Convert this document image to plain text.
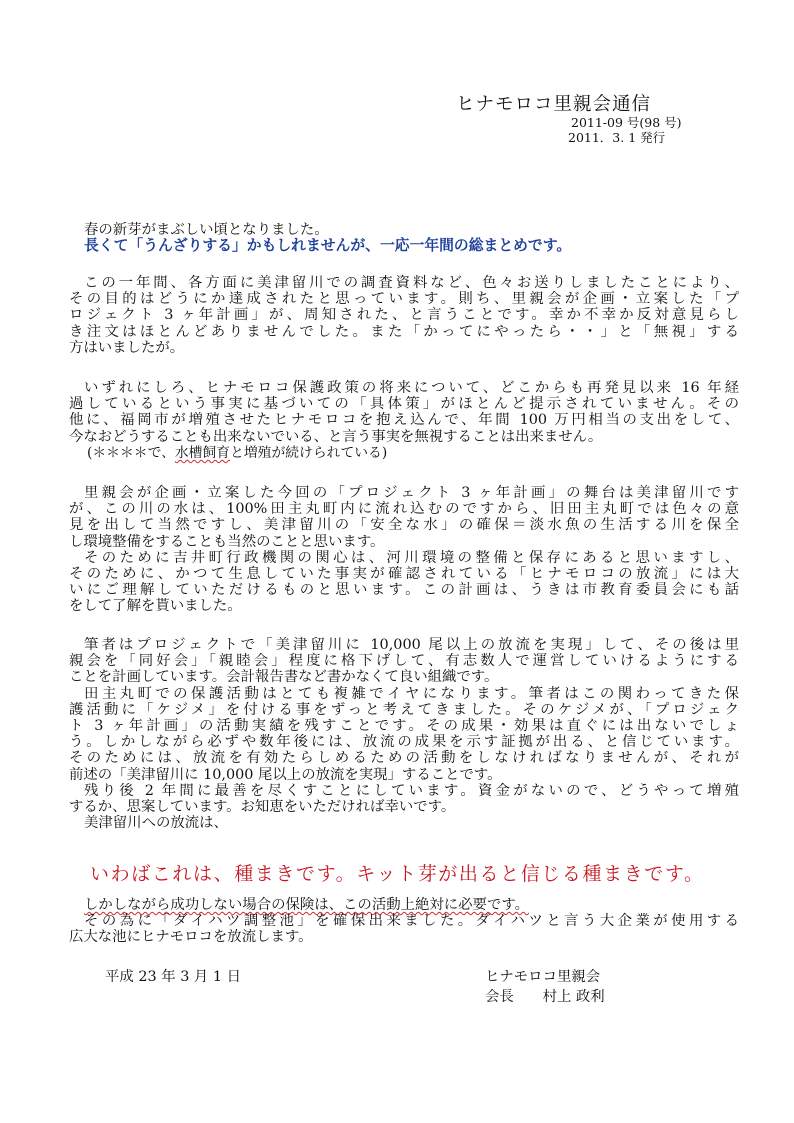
ヒナモロコ里親会通信
2011-09 号(98 号)
2011．3. 1 発行
春の新芽がまぶしい頃となりました。
長くて「うんざりする」かもしれませんが、一応一年間の総まとめです。
この一年間、各方面に美津留川での調査資料など、色々お送りしましたことにより、
その目的はどうにか達成されたと思っています。則ち、里親会が企画・立案した「プ
ロジェクト 3 ヶ年計画」が、周知された、と言うことです。幸か不幸か反対意見らし
き注文はほとんどありませんでした。また「かってにやったら・・」と「無視」する
方はいましたが。
いずれにしろ、ヒナモロコ保護政策の将来について、どこからも再発見以来 16 年経
過しているという事実に基づいての「具体策」がほとんど提示されていません。その
他に、福岡市が増殖させたヒナモロコを抱え込んで、年間 100 万円相当の支出をして、
今なおどうすることも出来ないでいる、と言う事実を無視することは出来ません。
(＊＊＊＊で、水槽飼育と増殖が続けられている)
里親会が企画・立案した今回の「プロジェクト 3 ヶ年計画」の舞台は美津留川です
が、この川の水は、100%田主丸町内に流れ込むのですから、旧田主丸町では色々の意
見を出して当然ですし、美津留川の「安全な水」の確保＝淡水魚の生活する川を保全
し環境整備をすることも当然のことと思います。
そのために吉井町行政機関の関心は、河川環境の整備と保存にあると思いますし、
そのために、かつて生息していた事実が確認されている「ヒナモロコの放流」には大
いにご理解していただけるものと思います。この計画は、うきは市教育委員会にも話
をして了解を貰いました。
筆者はプロジェクトで「美津留川に 10,000 尾以上の放流を実現」して、その後は里
親会を「同好会」「親睦会」程度に格下げして、有志数人で運営していけるようにする
ことを計画しています。会計報告書など書かなくて良い組織です。
田主丸町での保護活動はとても複雑でイヤになります。筆者はこの関わってきた保
護活動に「ケジメ」を付ける事をずっと考えてきました。そのケジメが、「プロジェク
ト 3 ヶ年計画」の活動実績を残すことです。その成果・効果は直ぐには出ないでしょ
う。しかしながら必ずや数年後には、放流の成果を示す証拠が出る、と信じています。
そのためには、放流を有効たらしめるための活動をしなければなりませんが、それが
前述の「美津留川に 10,000 尾以上の放流を実現」することです。
残り後 2 年間に最善を尽くすことにしています。資金がないので、どうやって増殖
するか、思案しています。お知恵をいただければ幸いです。
美津留川への放流は、
いわばこれは、種まきです。キット芽が出ると信じる種まきです。
しかしながら成功しない場合の保険は、この活動上絶対に必要です。
その為に「ダイハツ調整池」を確保出来ました。ダイハツと言う大企業が使用する
広大な池にヒナモロコを放流します。
平成 23 年 3 月 1 日	ヒナモロコ里親会
会長　　村上 政利
